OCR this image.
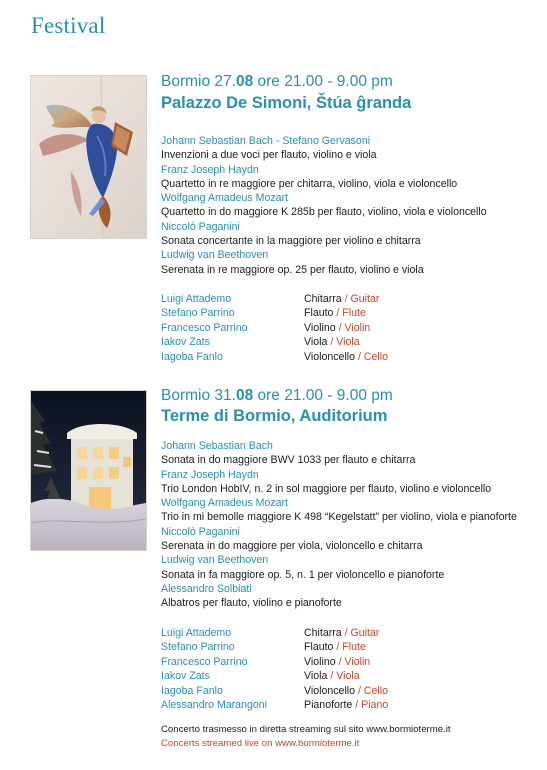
Festival
Bormio 27.08 ore 21.00 - 9.00 pm
Palazzo De Simoni, Štúa ĝranda
Johann Sebastian Bach - Stefano Gervasoni
Invenzioni a due voci per flauto, violino e viola
Franz Joseph Haydn
Quartetto in re maggiore per chitarra, violino, viola e violoncello
Wolfgang Amadeus Mozart
Quartetto in do maggiore K 285b per flauto, violino, viola e violoncello
Niccolò Paganini
Sonata concertante in la maggiore per violino e chitarra
Ludwig van Beethoven
Serenata in re maggiore op. 25 per flauto, violino e viola
Luigi Attademo	Chitarra / Guitar
Stefano Parrino	Flauto / Flute
Francesco Parrino	Violino / Violin
Iakov Zats	Viola / Viola
Iagoba Fanlo	Violoncello / Cello
Bormio 31.08 ore 21.00 - 9.00 pm
Terme di Bormio, Auditorium
Johann Sebastian Bach
Sonata in do maggiore BWV 1033 per flauto e chitarra
Franz Joseph Haydn
Trio London HobIV, n. 2 in sol maggiore per flauto, violino e violoncello
Wolfgang Amadeus Mozart
Trio in mi bemolle maggiore K 498 “Kegelstatt” per violino, viola e pianoforte
Niccolò Paganini
Serenata in do maggiore per viola, violoncello e chitarra
Ludwig van Beethoven
Sonata in fa maggiore op. 5, n. 1 per violoncello e pianoforte
Alessandro Solbiati
Albatros per flauto, violino e pianoforte
Luigi Attademo	Chitarra / Guitar
Stefano Parrino	Flauto / Flute
Francesco Parrino	Violino / Violin
Iakov Zats	Viola / Viola
Iagoba Fanlo	Violoncello / Cello
Alessandro Marangoni	Pianoforte / Piano
Concerto trasmesso in diretta streaming sul sito www.bormioterme.it
Concerts streamed live on www.bormioterme.it
